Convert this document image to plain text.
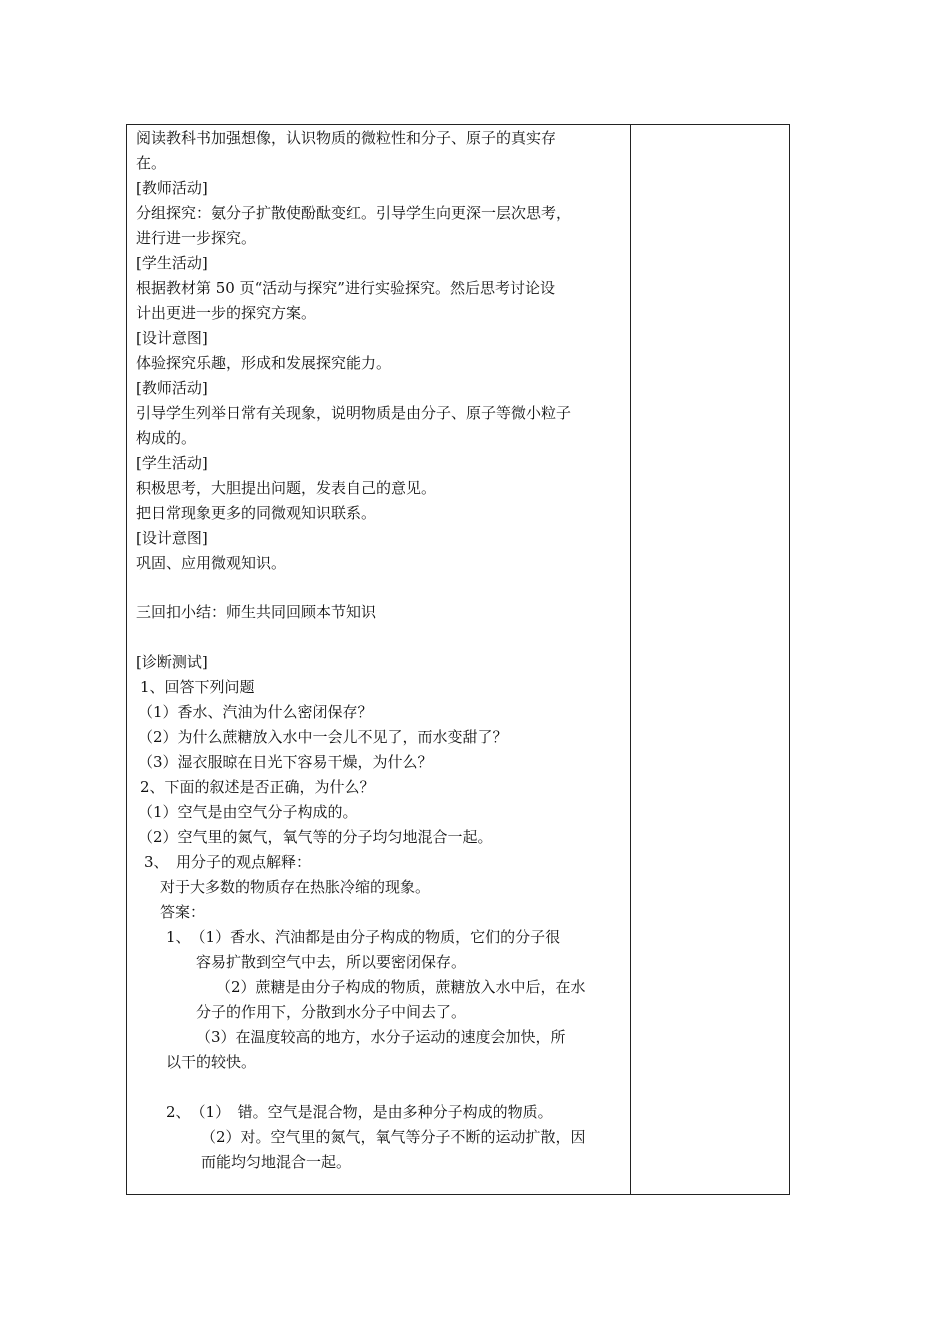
阅读教科书加强想像，认识物质的微粒性和分子、原子的真实存
在。
[教师活动]
分组探究：氨分子扩散使酚酞变红。引导学生向更深一层次思考，
进行进一步探究。
[学生活动]
根据教材第 50 页“活动与探究”进行实验探究。然后思考讨论设
计出更进一步的探究方案。
[设计意图]
体验探究乐趣，形成和发展探究能力。
[教师活动]
引导学生列举日常有关现象，说明物质是由分子、原子等微小粒子
构成的。
[学生活动]
积极思考，大胆提出问题，发表自己的意见。
把日常现象更多的同微观知识联系。
[设计意图]
巩固、应用微观知识。
三回扣小结：师生共同回顾本节知识
[诊断测试]
1、回答下列问题
（1）香水、汽油为什么密闭保存？
（2）为什么蔗糖放入水中一会儿不见了，而水变甜了？
（3）湿衣服晾在日光下容易干燥，为什么？
2、下面的叙述是否正确，为什么？
（1）空气是由空气分子构成的。
（2）空气里的氮气，氧气等的分子均匀地混合一起。
3、　用分子的观点解释：
对于大多数的物质存在热胀冷缩的现象。
答案：
1、　（1）香水、汽油都是由分子构成的物质，它们的分子很
容易扩散到空气中去，所以要密闭保存。
（2）蔗糖是由分子构成的物质，蔗糖放入水中后，在水
分子的作用下，分散到水分子中间去了。
（3）在温度较高的地方，水分子运动的速度会加快，所
以干的较快。
2、　（1）　错。空气是混合物，是由多种分子构成的物质。
（2）对。空气里的氮气，氧气等分子不断的运动扩散，因
而能均匀地混合一起。
